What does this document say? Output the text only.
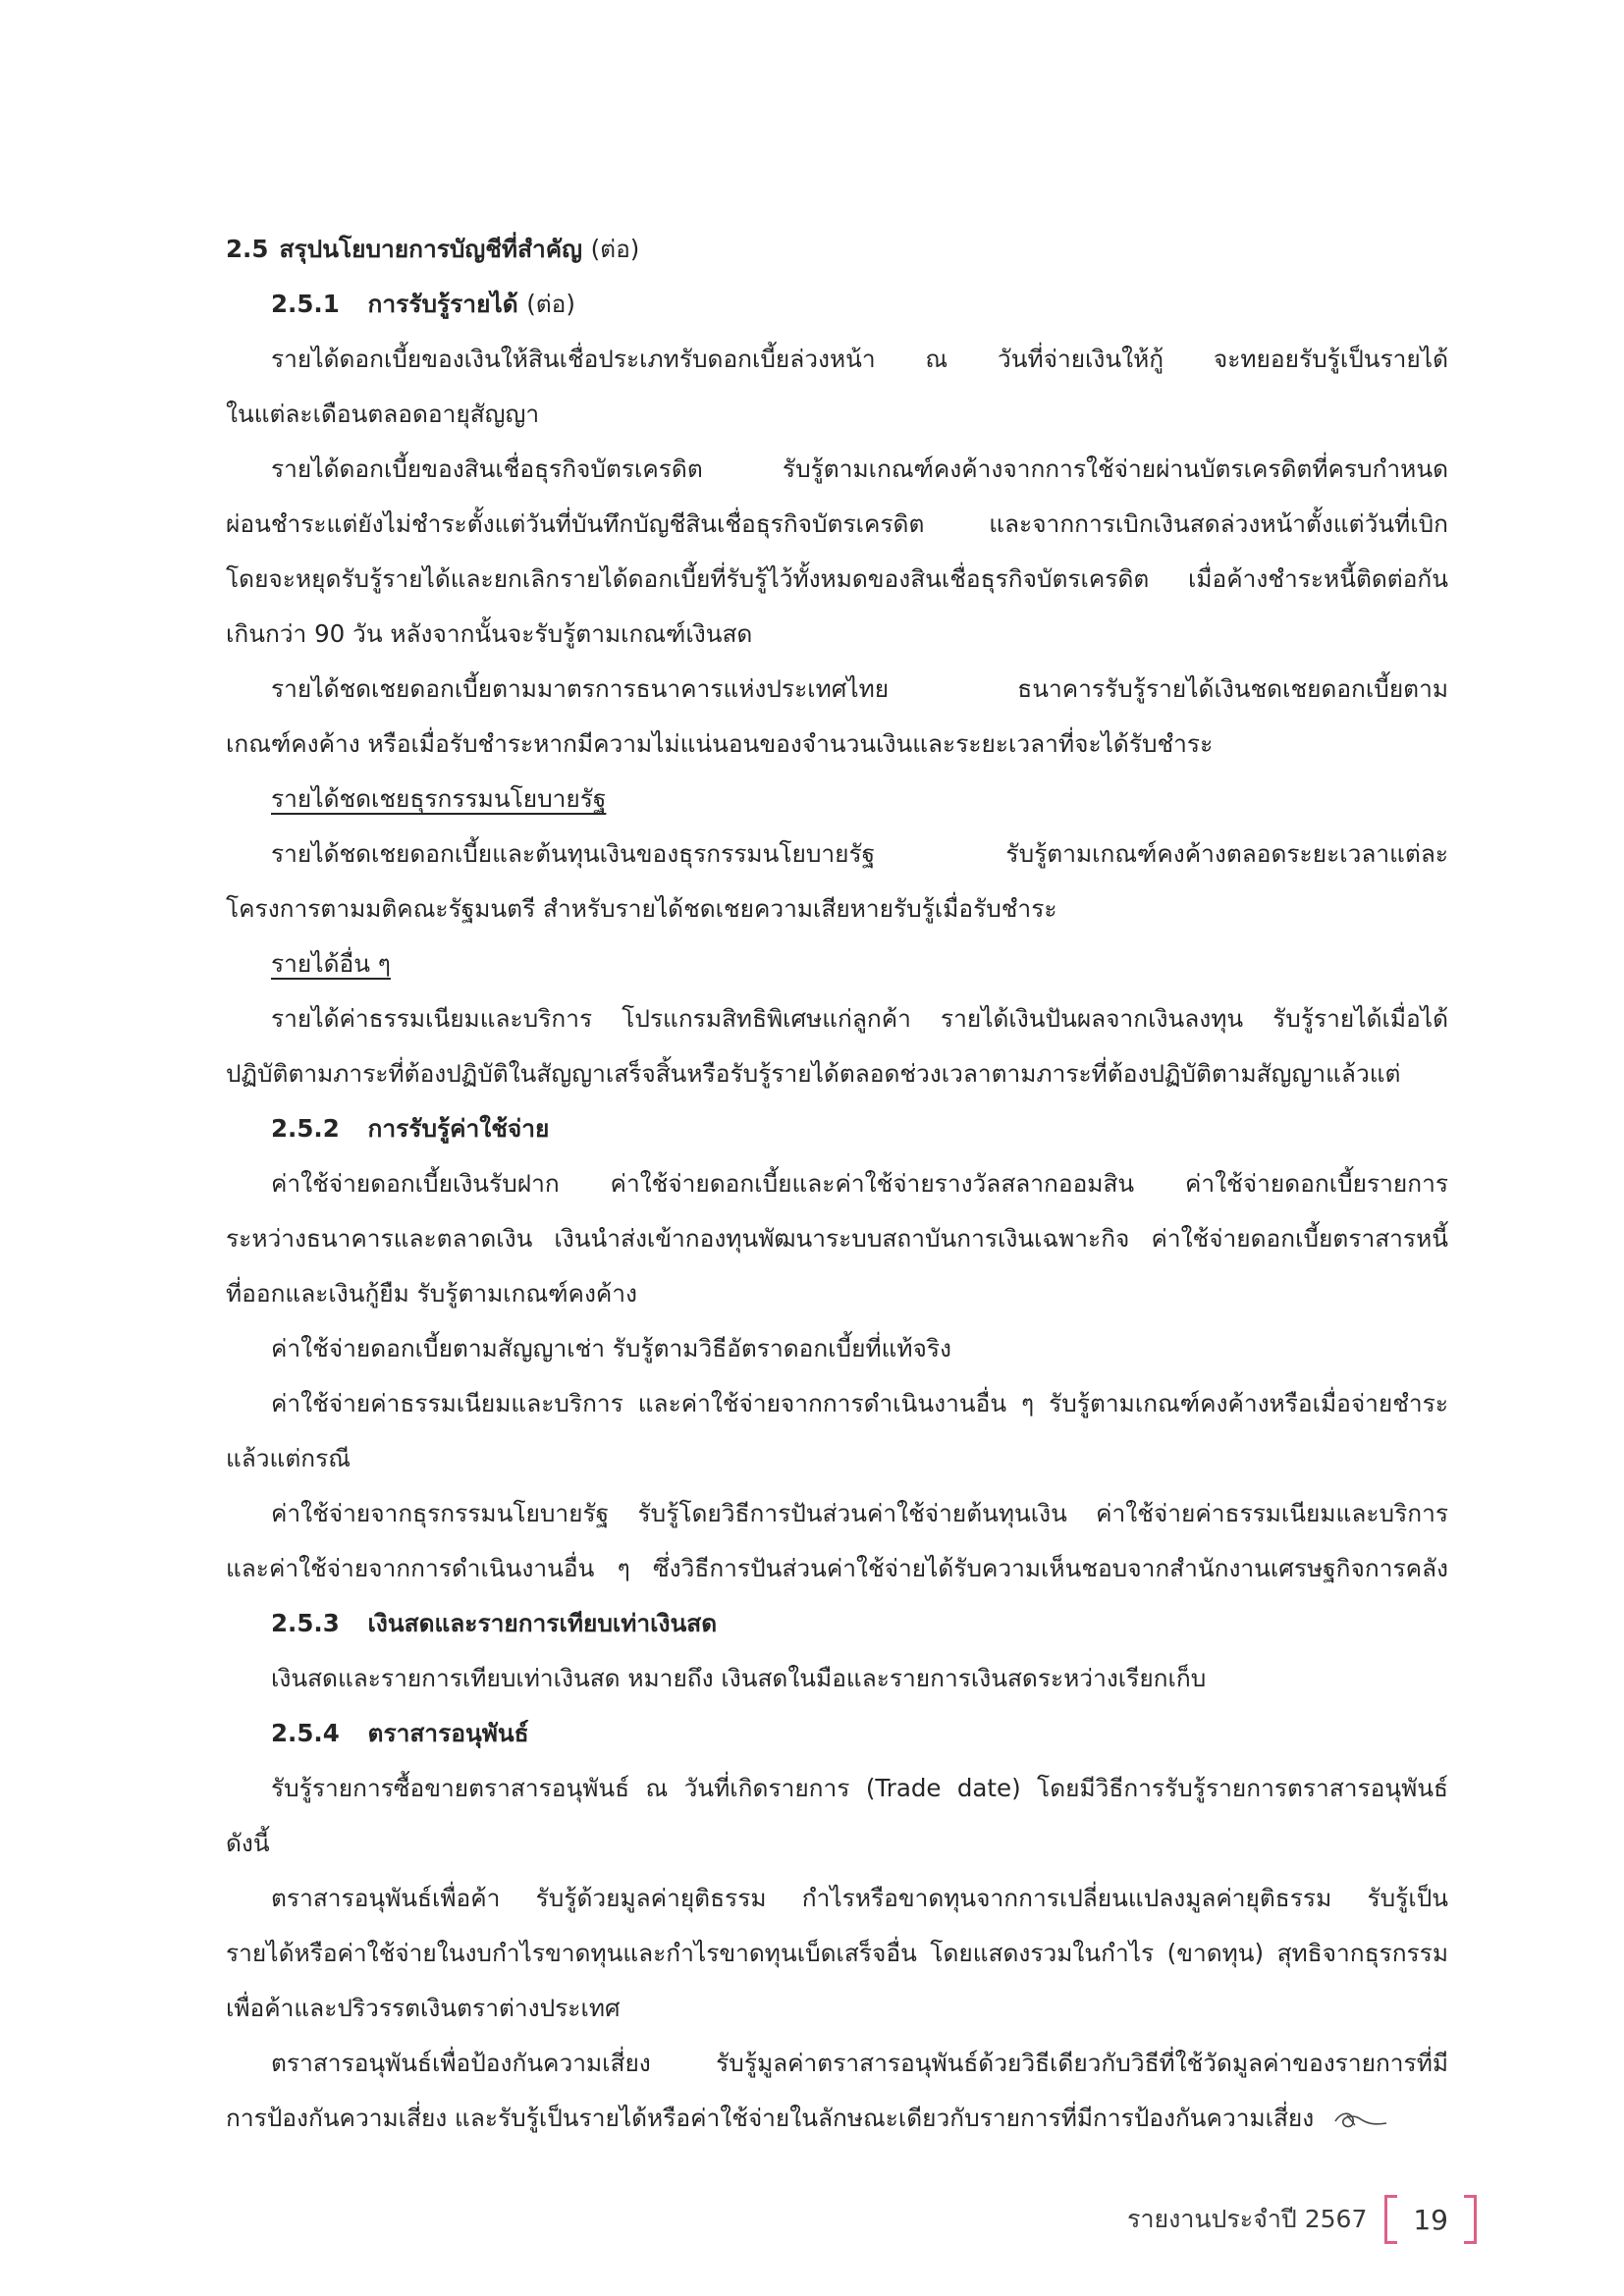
2.5 สรุปนโยบายการบัญชีที่สำคัญ (ต่อ)
2.5.1 การรับรู้รายได้ (ต่อ)
รายได้ดอกเบี้ยของเงินให้สินเชื่อประเภทรับดอกเบี้ยล่วงหน้า ณ วันที่จ่ายเงินให้กู้ จะทยอยรับรู้เป็นรายได้
ในแต่ละเดือนตลอดอายุสัญญา
รายได้ดอกเบี้ยของสินเชื่อธุรกิจบัตรเครดิต รับรู้ตามเกณฑ์คงค้างจากการใช้จ่ายผ่านบัตรเครดิตที่ครบกำหนด
ผ่อนชำระแต่ยังไม่ชำระตั้งแต่วันที่บันทึกบัญชีสินเชื่อธุรกิจบัตรเครดิต และจากการเบิกเงินสดล่วงหน้าตั้งแต่วันที่เบิก
โดยจะหยุดรับรู้รายได้และยกเลิกรายได้ดอกเบี้ยที่รับรู้ไว้ทั้งหมดของสินเชื่อธุรกิจบัตรเครดิต เมื่อค้างชำระหนี้ติดต่อกัน
เกินกว่า 90 วัน หลังจากนั้นจะรับรู้ตามเกณฑ์เงินสด
รายได้ชดเชยดอกเบี้ยตามมาตรการธนาคารแห่งประเทศไทย ธนาคารรับรู้รายได้เงินชดเชยดอกเบี้ยตาม
เกณฑ์คงค้าง หรือเมื่อรับชำระหากมีความไม่แน่นอนของจำนวนเงินและระยะเวลาที่จะได้รับชำระ
รายได้ชดเชยธุรกรรมนโยบายรัฐ
รายได้ชดเชยดอกเบี้ยและต้นทุนเงินของธุรกรรมนโยบายรัฐ รับรู้ตามเกณฑ์คงค้างตลอดระยะเวลาแต่ละ
โครงการตามมติคณะรัฐมนตรี สำหรับรายได้ชดเชยความเสียหายรับรู้เมื่อรับชำระ
รายได้อื่น ๆ
รายได้ค่าธรรมเนียมและบริการ โปรแกรมสิทธิพิเศษแก่ลูกค้า รายได้เงินปันผลจากเงินลงทุน รับรู้รายได้เมื่อได้
ปฏิบัติตามภาระที่ต้องปฏิบัติในสัญญาเสร็จสิ้นหรือรับรู้รายได้ตลอดช่วงเวลาตามภาระที่ต้องปฏิบัติตามสัญญาแล้วแต่
2.5.2 การรับรู้ค่าใช้จ่าย
ค่าใช้จ่ายดอกเบี้ยเงินรับฝาก ค่าใช้จ่ายดอกเบี้ยและค่าใช้จ่ายรางวัลสลากออมสิน ค่าใช้จ่ายดอกเบี้ยรายการ
ระหว่างธนาคารและตลาดเงิน เงินนำส่งเข้ากองทุนพัฒนาระบบสถาบันการเงินเฉพาะกิจ ค่าใช้จ่ายดอกเบี้ยตราสารหนี้
ที่ออกและเงินกู้ยืม รับรู้ตามเกณฑ์คงค้าง
ค่าใช้จ่ายดอกเบี้ยตามสัญญาเช่า รับรู้ตามวิธีอัตราดอกเบี้ยที่แท้จริง
ค่าใช้จ่ายค่าธรรมเนียมและบริการ และค่าใช้จ่ายจากการดำเนินงานอื่น ๆ รับรู้ตามเกณฑ์คงค้างหรือเมื่อจ่ายชำระ
แล้วแต่กรณี
ค่าใช้จ่ายจากธุรกรรมนโยบายรัฐ รับรู้โดยวิธีการปันส่วนค่าใช้จ่ายต้นทุนเงิน ค่าใช้จ่ายค่าธรรมเนียมและบริการ
และค่าใช้จ่ายจากการดำเนินงานอื่น ๆ ซึ่งวิธีการปันส่วนค่าใช้จ่ายได้รับความเห็นชอบจากสำนักงานเศรษฐกิจการคลัง
2.5.3 เงินสดและรายการเทียบเท่าเงินสด
เงินสดและรายการเทียบเท่าเงินสด หมายถึง เงินสดในมือและรายการเงินสดระหว่างเรียกเก็บ
2.5.4 ตราสารอนุพันธ์
รับรู้รายการซื้อขายตราสารอนุพันธ์ ณ วันที่เกิดรายการ (Trade date) โดยมีวิธีการรับรู้รายการตราสารอนุพันธ์
ดังนี้
ตราสารอนุพันธ์เพื่อค้า รับรู้ด้วยมูลค่ายุติธรรม กำไรหรือขาดทุนจากการเปลี่ยนแปลงมูลค่ายุติธรรม รับรู้เป็น
รายได้หรือค่าใช้จ่ายในงบกำไรขาดทุนและกำไรขาดทุนเบ็ดเสร็จอื่น โดยแสดงรวมในกำไร (ขาดทุน) สุทธิจากธุรกรรม
เพื่อค้าและปริวรรตเงินตราต่างประเทศ
ตราสารอนุพันธ์เพื่อป้องกันความเสี่ยง รับรู้มูลค่าตราสารอนุพันธ์ด้วยวิธีเดียวกับวิธีที่ใช้วัดมูลค่าของรายการที่มี
การป้องกันความเสี่ยง และรับรู้เป็นรายได้หรือค่าใช้จ่ายในลักษณะเดียวกับรายการที่มีการป้องกันความเสี่ยง
รายงานประจำปี 2567	19
